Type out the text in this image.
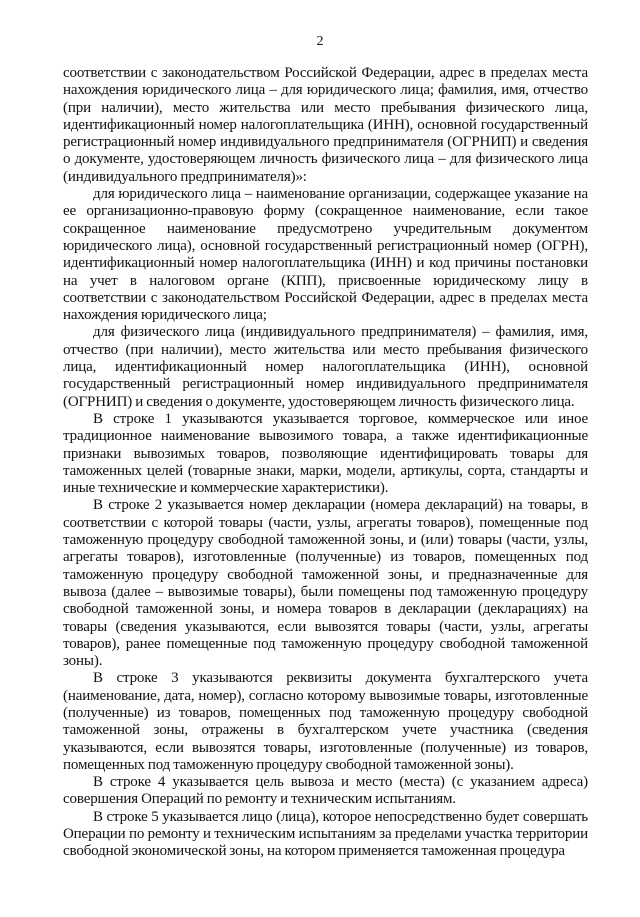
2

соответствии с законодательством Российской Федерации, адрес в пределах места нахождения юридического лица – для юридического лица; фамилия, имя, отчество (при наличии), место жительства или место пребывания физического лица, идентификационный номер налогоплательщика (ИНН), основной государственный регистрационный номер индивидуального предпринимателя (ОГРНИП) и сведения о документе, удостоверяющем личность физического лица – для физического лица (индивидуального предпринимателя)»:

для юридического лица – наименование организации, содержащее указание на ее организационно-правовую форму (сокращенное наименование, если такое сокращенное наименование предусмотрено учредительным документом юридического лица), основной государственный регистрационный номер (ОГРН), идентификационный номер налогоплательщика (ИНН) и код причины постановки на учет в налоговом органе (КПП), присвоенные юридическому лицу в соответствии с законодательством Российской Федерации, адрес в пределах места нахождения юридического лица;

для физического лица (индивидуального предпринимателя) – фамилия, имя, отчество (при наличии), место жительства или место пребывания физического лица, идентификационный номер налогоплательщика (ИНН), основной государственный регистрационный номер индивидуального предпринимателя (ОГРНИП) и сведения о документе, удостоверяющем личность физического лица.

В строке 1 указываются указывается торговое, коммерческое или иное традиционное наименование вывозимого товара, а также идентификационные признаки вывозимых товаров, позволяющие идентифицировать товары для таможенных целей (товарные знаки, марки, модели, артикулы, сорта, стандарты и иные технические и коммерческие характеристики).

В строке 2 указывается номер декларации (номера деклараций) на товары, в соответствии с которой товары (части, узлы, агрегаты товаров), помещенные под таможенную процедуру свободной таможенной зоны, и (или) товары (части, узлы, агрегаты товаров), изготовленные (полученные) из товаров, помещенных под таможенную процедуру свободной таможенной зоны, и предназначенные для вывоза (далее – вывозимые товары), были помещены под таможенную процедуру свободной таможенной зоны, и номера товаров в декларации (декларациях) на товары (сведения указываются, если вывозятся товары (части, узлы, агрегаты товаров), ранее помещенные под таможенную процедуру свободной таможенной зоны).

В строке 3 указываются реквизиты документа бухгалтерского учета (наименование, дата, номер), согласно которому вывозимые товары, изготовленные (полученные) из товаров, помещенных под таможенную процедуру свободной таможенной зоны, отражены в бухгалтерском учете участника (сведения указываются, если вывозятся товары, изготовленные (полученные) из товаров, помещенных под таможенную процедуру свободной таможенной зоны).

В строке 4 указывается цель вывоза и место (места) (с указанием адреса) совершения Операций по ремонту и техническим испытаниям.

В строке 5 указывается лицо (лица), которое непосредственно будет совершать Операции по ремонту и техническим испытаниям за пределами участка территории свободной экономической зоны, на котором применяется таможенная процедура
